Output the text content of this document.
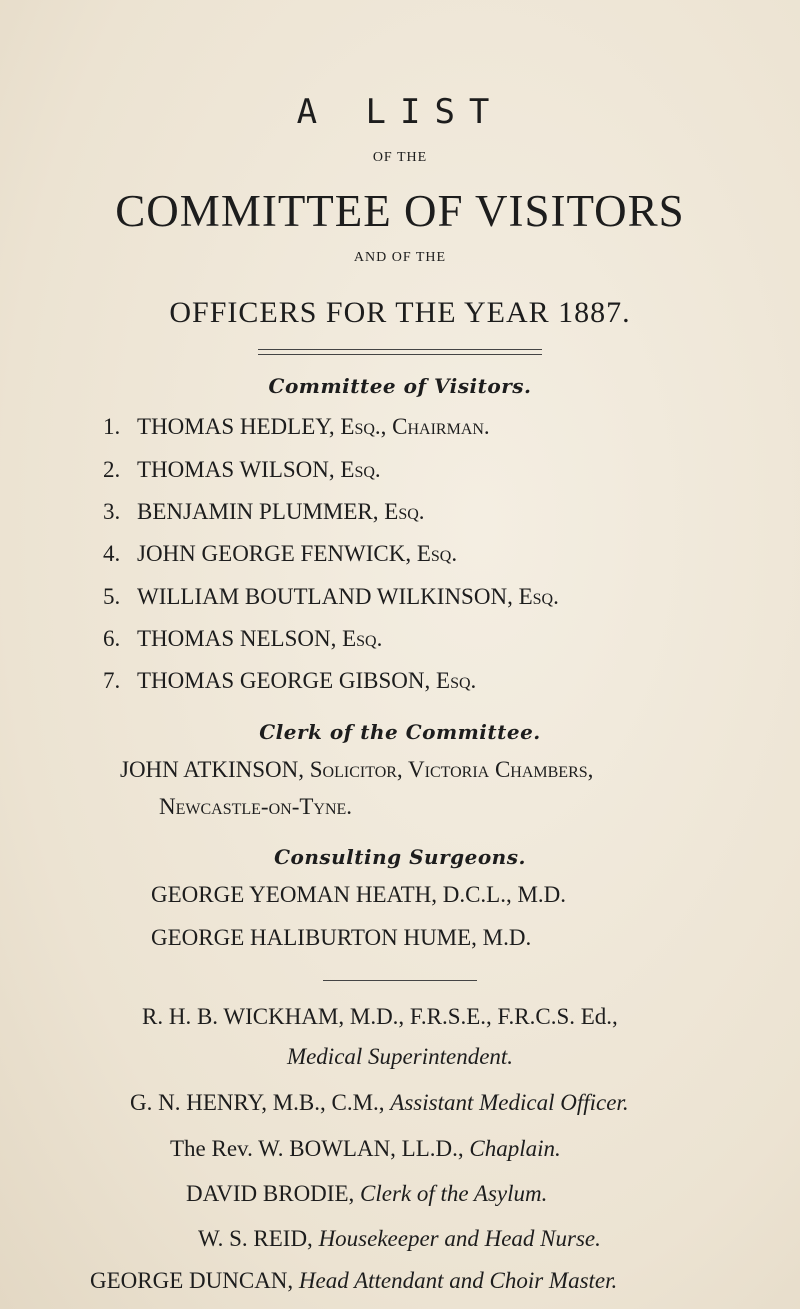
A LIST
OF THE
COMMITTEE OF VISITORS
AND OF THE
OFFICERS FOR THE YEAR 1887.
Committee of Visitors.
1. THOMAS HEDLEY, Esq., Chairman.
2. THOMAS WILSON, Esq.
3. BENJAMIN PLUMMER, Esq.
4. JOHN GEORGE FENWICK, Esq.
5. WILLIAM BOUTLAND WILKINSON, Esq.
6. THOMAS NELSON, Esq.
7. THOMAS GEORGE GIBSON, Esq.
Clerk of the Committee.
JOHN ATKINSON, Solicitor, Victoria Chambers,
Newcastle-on-Tyne.
Consulting Surgeons.
GEORGE YEOMAN HEATH, D.C.L., M.D.
GEORGE HALIBURTON HUME, M.D.
R. H. B. WICKHAM, M.D., F.R.S.E., F.R.C.S. Ed.,
Medical Superintendent.
G. N. HENRY, M.B., C.M., Assistant Medical Officer.
The Rev. W. BOWLAN, LL.D., Chaplain.
DAVID BRODIE, Clerk of the Asylum.
W. S. REID, Housekeeper and Head Nurse.
GEORGE DUNCAN, Head Attendant and Choir Master.
